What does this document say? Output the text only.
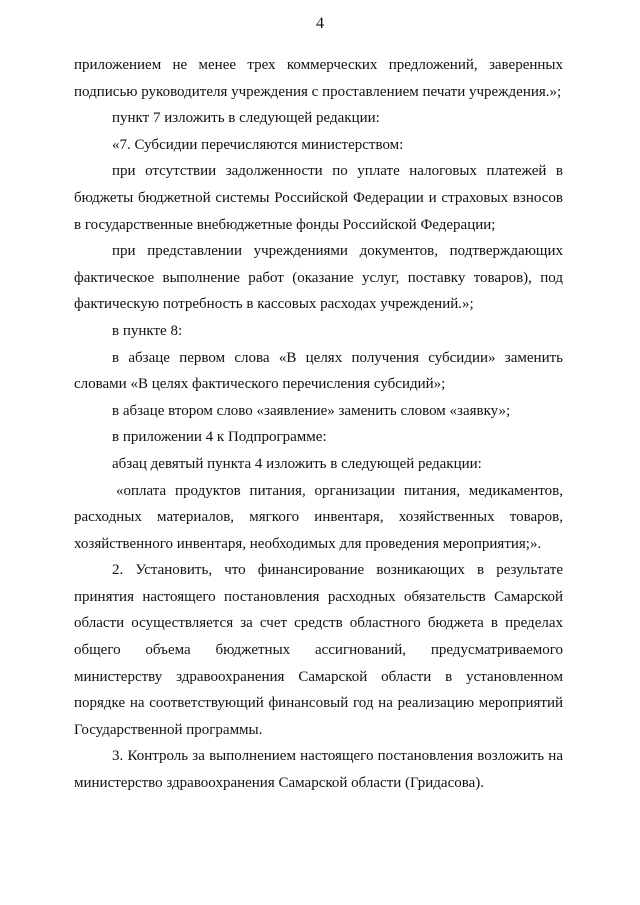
4

приложением не менее трех коммерческих предложений, заверенных подписью руководителя учреждения с проставлением печати учреждения.»;

пункт 7 изложить в следующей редакции:

«7. Субсидии перечисляются министерством:

при отсутствии задолженности по уплате налоговых платежей в бюджеты бюджетной системы Российской Федерации и страховых взносов в государственные внебюджетные фонды Российской Федерации;

при представлении учреждениями документов, подтверждающих фактическое выполнение работ (оказание услуг, поставку товаров), под фактическую потребность в кассовых расходах учреждений.»;

в пункте 8:

в абзаце первом слова «В целях получения субсидии» заменить словами «В целях фактического перечисления субсидий»;

в абзаце втором слово «заявление» заменить словом «заявку»;

в приложении 4 к Подпрограмме:

абзац девятый пункта 4 изложить в следующей редакции:

«оплата продуктов питания, организации питания, медикаментов, расходных материалов, мягкого инвентаря, хозяйственных товаров, хозяйственного инвентаря, необходимых для проведения мероприятия;».

2. Установить, что финансирование возникающих в результате принятия настоящего постановления расходных обязательств Самарской области осуществляется за счет средств областного бюджета в пределах общего объема бюджетных ассигнований, предусматриваемого министерству здравоохранения Самарской области в установленном порядке на соответствующий финансовый год на реализацию мероприятий Государственной программы.

3. Контроль за выполнением настоящего постановления возложить на министерство здравоохранения Самарской области (Гридасова).
